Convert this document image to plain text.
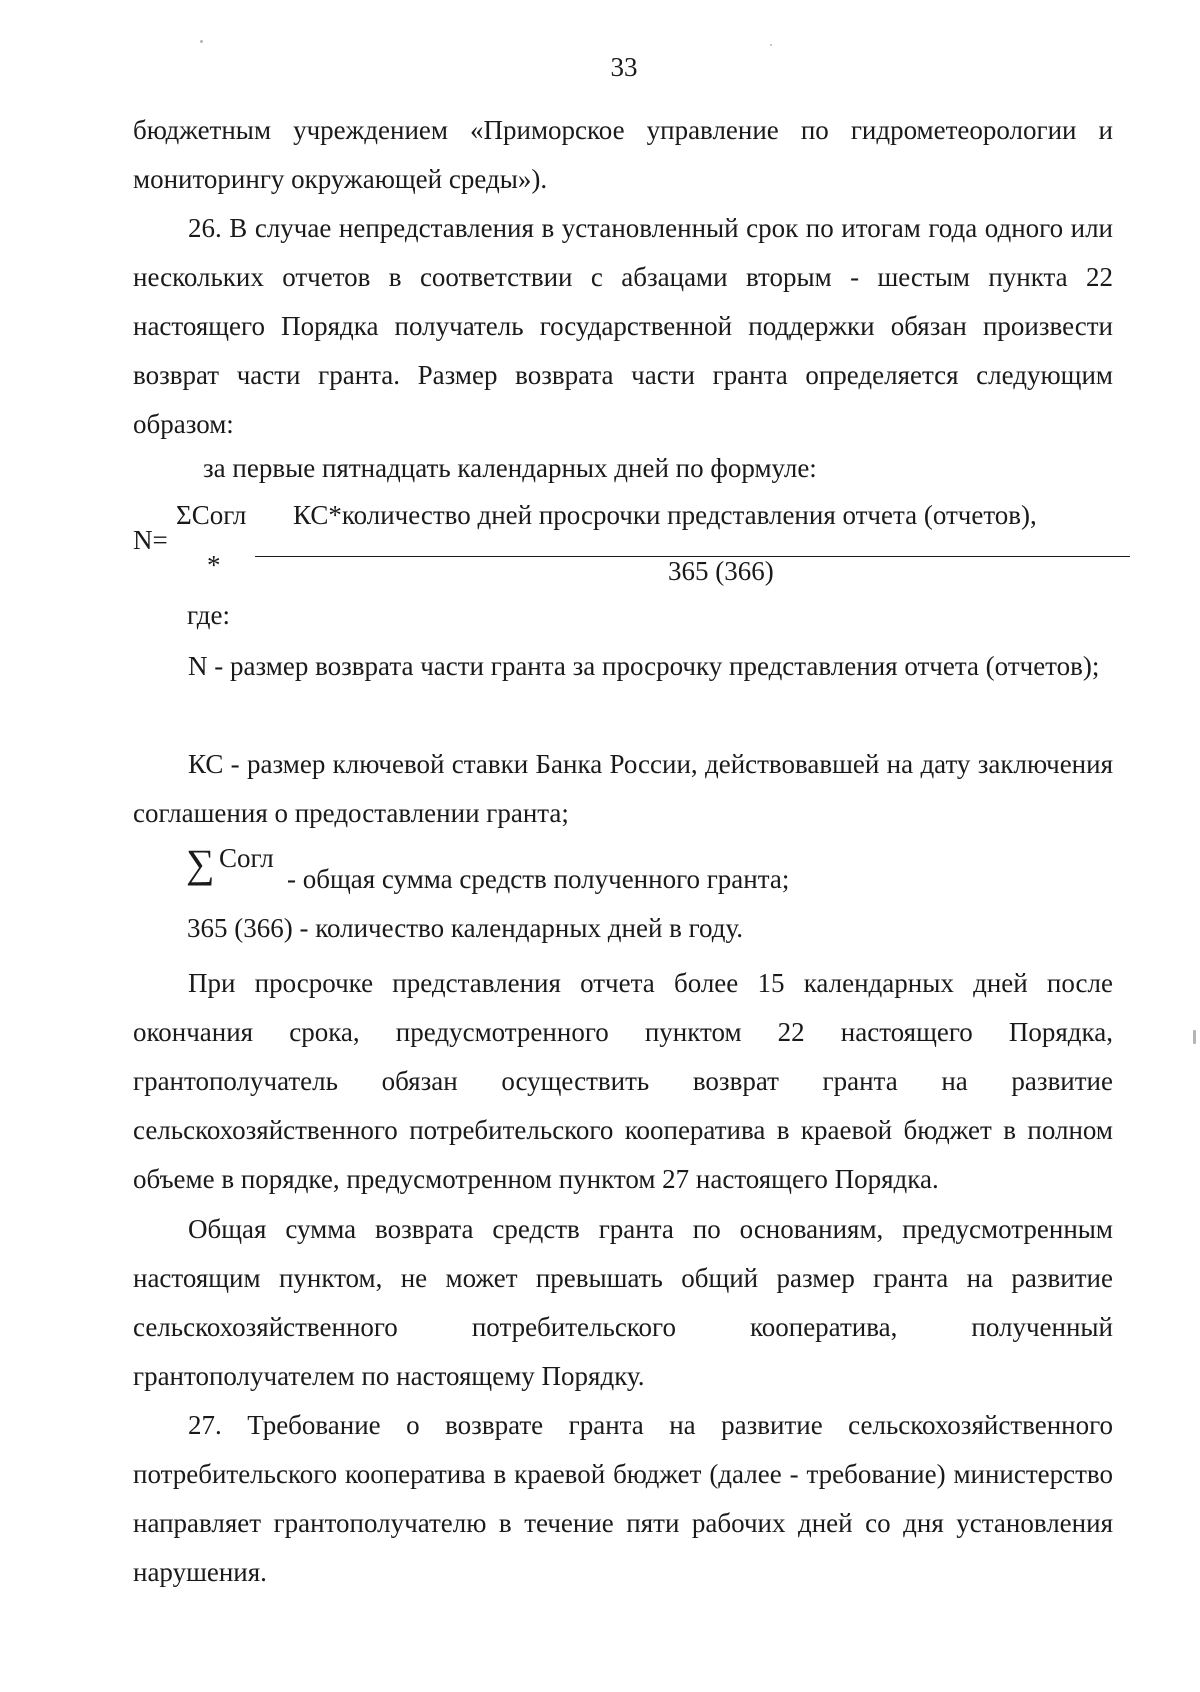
33
бюджетным учреждением «Приморское управление по гидрометеорологии и мониторингу окружающей среды»).
26. В случае непредставления в установленный срок по итогам года одного или нескольких отчетов в соответствии с абзацами вторым - шестым пункта 22 настоящего Порядка получатель государственной поддержки обязан произвести возврат части гранта. Размер возврата части гранта определяется следующим образом:
за первые пятнадцать календарных дней по формуле:
N=
ΣСогл
*
КС*количество дней просрочки представления отчета (отчетов),
365 (366)
где:
N - размер возврата части гранта за просрочку представления отчета (отчетов);
КС - размер ключевой ставки Банка России, действовавшей на дату заключения соглашения о предоставлении гранта;
∑ Согл
- общая сумма средств полученного гранта;
365 (366) - количество календарных дней в году.
При просрочке представления отчета более 15 календарных дней после окончания срока, предусмотренного пунктом 22 настоящего Порядка, грантополучатель обязан осуществить возврат гранта на развитие сельскохозяйственного потребительского кооператива в краевой бюджет в полном объеме в порядке, предусмотренном пунктом 27 настоящего Порядка.
Общая сумма возврата средств гранта по основаниям, предусмотренным настоящим пунктом, не может превышать общий размер гранта на развитие сельскохозяйственного потребительского кооператива, полученный грантополучателем по настоящему Порядку.
27. Требование о возврате гранта на развитие сельскохозяйственного потребительского кооператива в краевой бюджет (далее - требование) министерство направляет грантополучателю в течение пяти рабочих дней со дня установления нарушения.
